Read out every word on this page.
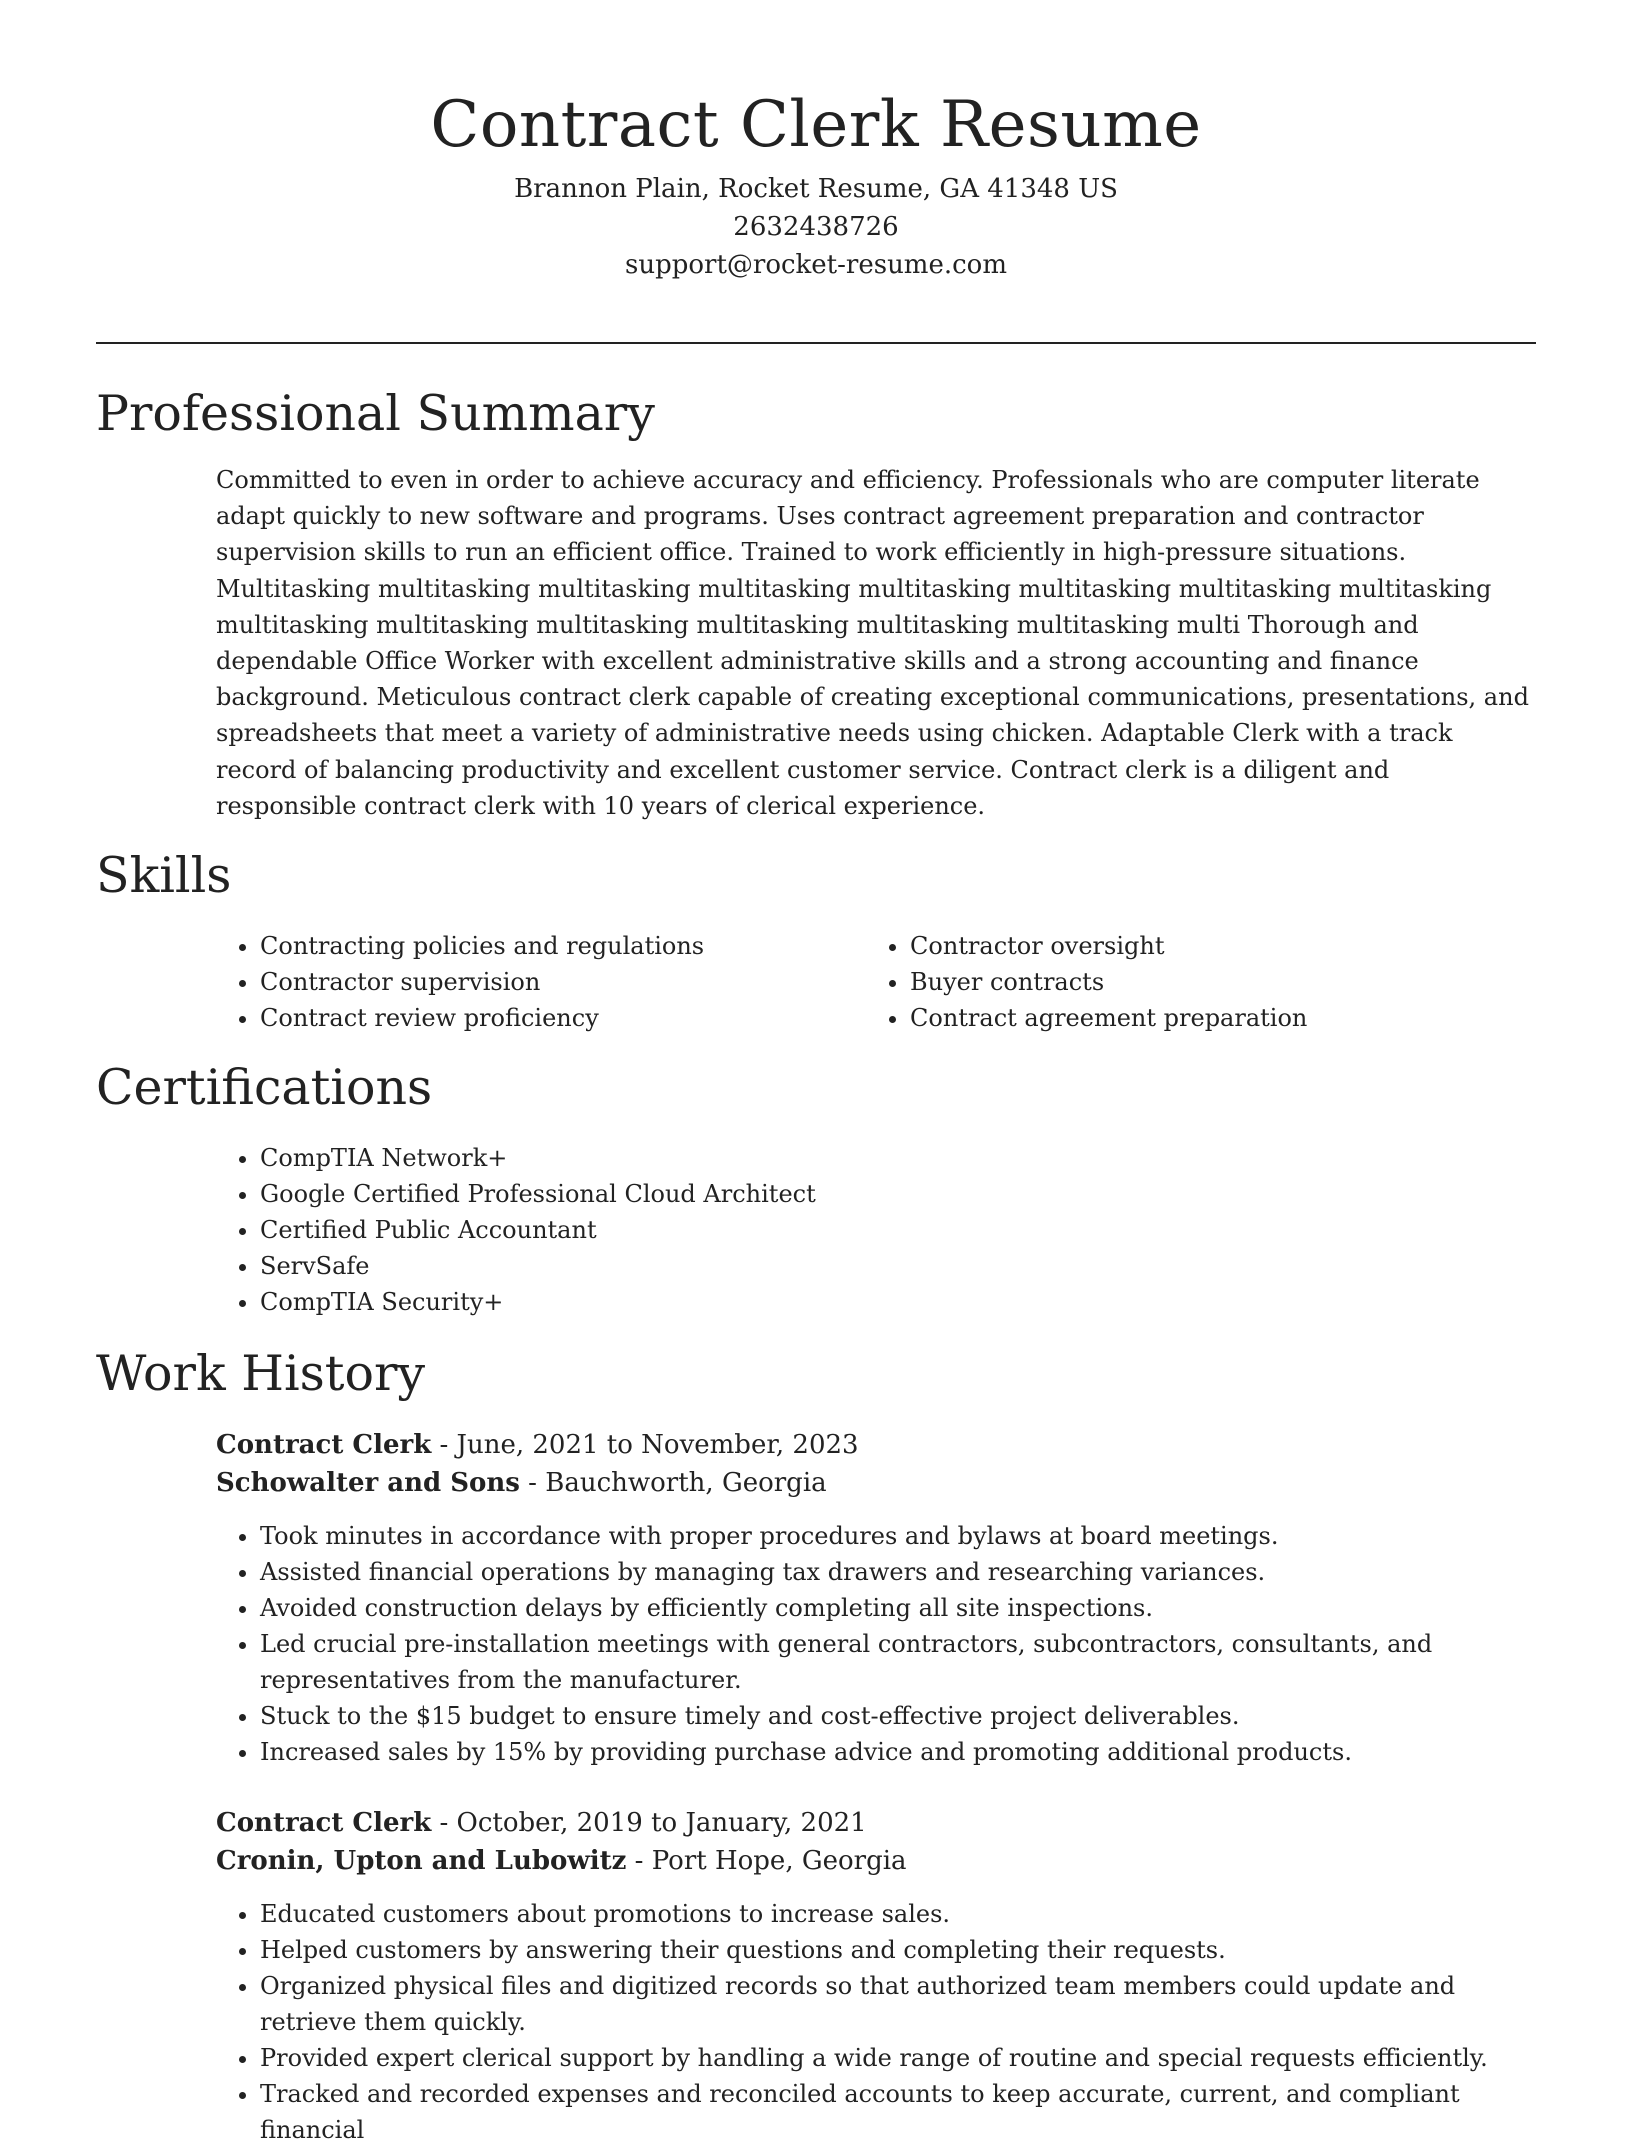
Contract Clerk Resume

Brannon Plain, Rocket Resume, GA 41348 US

2632438726

support@rocket-resume.com

Professional Summary

Committed to even in order to achieve accuracy and efficiency. Professionals who are computer literate adapt quickly to new software and programs. Uses contract agreement preparation and contractor supervision skills to run an efficient office. Trained to work efficiently in high-pressure situations. Multitasking multitasking multitasking multitasking multitasking multitasking multitasking multitasking multitasking multitasking multitasking multitasking multitasking multitasking multi Thorough and dependable Office Worker with excellent administrative skills and a strong accounting and finance background. Meticulous contract clerk capable of creating exceptional communications, presentations, and spreadsheets that meet a variety of administrative needs using chicken. Adaptable Clerk with a track record of balancing productivity and excellent customer service. Contract clerk is a diligent and responsible contract clerk with 10 years of clerical experience.

Skills
• Contracting policies and regulations
• Contractor supervision
• Contract review proficiency
• Contractor oversight
• Buyer contracts
• Contract agreement preparation
Certifications
• CompTIA Network+
• Google Certified Professional Cloud Architect
• Certified Public Accountant
• ServSafe
• CompTIA Security+
Work History

Contract Clerk - June, 2021 to November, 2023

Schowalter and Sons - Bauchworth, Georgia

• Took minutes in accordance with proper procedures and bylaws at board meetings.
• Assisted financial operations by managing tax drawers and researching variances.
• Avoided construction delays by efficiently completing all site inspections.
• Led crucial pre-installation meetings with general contractors, subcontractors, consultants, and representatives from the manufacturer.
• Stuck to the $15 budget to ensure timely and cost-effective project deliverables.
• Increased sales by 15% by providing purchase advice and promoting additional products.

Contract Clerk - October, 2019 to January, 2021

Cronin, Upton and Lubowitz - Port Hope, Georgia

• Educated customers about promotions to increase sales.
• Helped customers by answering their questions and completing their requests.
• Organized physical files and digitized records so that authorized team members could update and retrieve them quickly.
• Provided expert clerical support by handling a wide range of routine and special requests efficiently.
• Tracked and recorded expenses and reconciled accounts to keep accurate, current, and compliant financial
